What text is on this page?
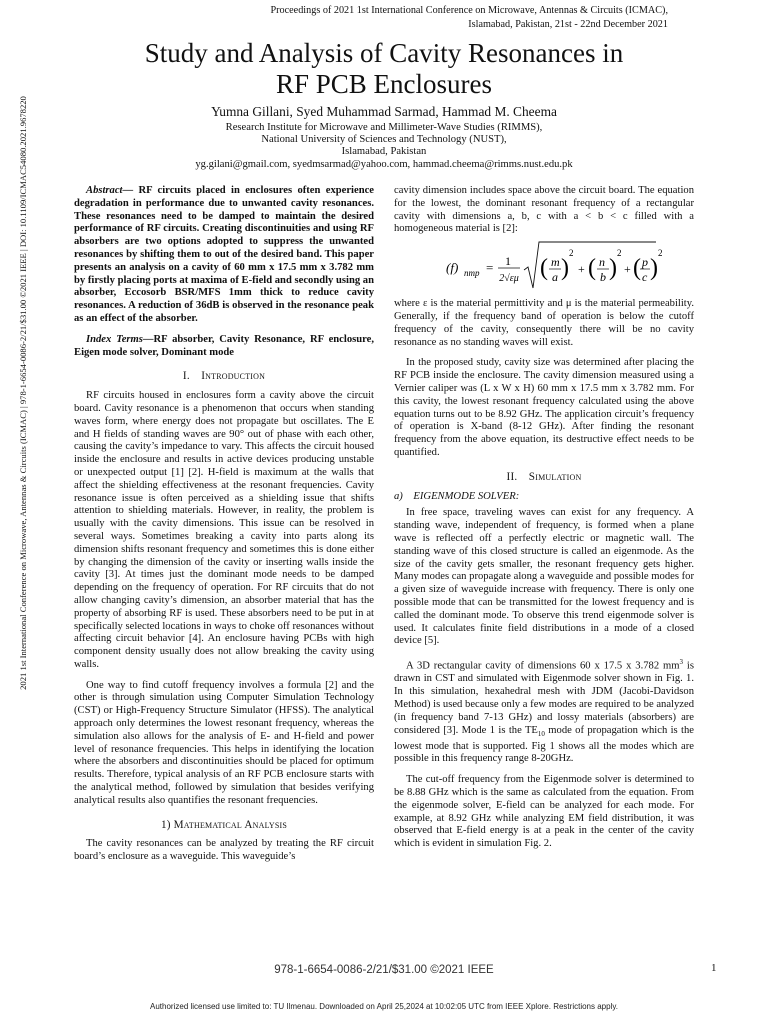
Proceedings of 2021 1st International Conference on Microwave, Antennas & Circuits (ICMAC),
Islamabad, Pakistan, 21st - 22nd December 2021
Study and Analysis of Cavity Resonances in
RF PCB Enclosures
Yumna Gillani, Syed Muhammad Sarmad, Hammad M. Cheema
Research Institute for Microwave and Millimeter-Wave Studies (RIMMS),
National University of Sciences and Technology (NUST),
Islamabad, Pakistan
yg.gilani@gmail.com, syedmsarmad@yahoo.com, hammad.cheema@rimms.nust.edu.pk
2021 1st International Conference on Microwave, Antennas & Circuits (ICMAC) | 978-1-6654-0086-2/21/$31.00 ©2021 IEEE | DOI: 10.1109/ICMAC54080.2021.9678220	Abstract— RF circuits placed in enclosures often experience degradation in performance due to unwanted cavity resonances. These resonances need to be damped to maintain the desired performance of RF circuits. Creating discontinuities and using RF absorbers are two options adopted to suppress the unwanted resonances by shifting them to out of the desired band. This paper presents an analysis on a cavity of 60 mm x 17.5 mm x 3.782 mm by firstly placing ports at maxima of E-field and secondly using an absorber, Eccosorb BSR/MFS 1mm thick to reduce cavity resonances. A reduction of 36dB is observed in the resonance peak as an effect of the absorber.

Index Terms—RF absorber, Cavity Resonance, RF enclosure, Eigen mode solver, Dominant mode

I. Introduction

RF circuits housed in enclosures form a cavity above the circuit board. Cavity resonance is a phenomenon that occurs when standing waves form, where energy does not propagate but oscillates. The E and H fields of standing waves are 90° out of phase with each other, causing the cavity’s impedance to vary. This affects the circuit housed inside the enclosure and results in active devices producing unstable or unexpected output [1] [2]. H-field is maximum at the walls that affect the shielding effectiveness at the resonant frequencies. Cavity resonance issue is often perceived as a shielding issue that shifts attention to shielding materials. However, in reality, the problem is usually with the cavity dimensions. This issue can be resolved in several ways. Sometimes breaking a cavity into parts along its dimension shifts resonant frequency and sometimes this is done either by changing the dimension of the cavity or inserting walls inside the cavity [3]. At times just the dominant mode needs to be damped depending on the frequency of operation. For RF circuits that do not allow changing cavity’s dimension, an absorber material that has the property of absorbing RF is used. These absorbers need to be put in at specifically selected locations in ways to choke off resonances without affecting circuit behavior [4]. An enclosure having PCBs with high component density usually does not allow breaking the cavity using walls.

One way to find cutoff frequency involves a formula [2] and the other is through simulation using Computer Simulation Technology (CST) or High-Frequency Structure Simulator (HFSS). The analytical approach only determines the lowest resonant frequency, whereas the simulation also allows for the analysis of E- and H-field and power level of resonance frequencies. This helps in identifying the location where the absorbers and discontinuities should be placed for optimum results. Therefore, typical analysis of an RF PCB enclosure starts with the analytical method, followed by simulation that besides verifying analytical results also quantifies the resonant frequencies.

1) Mathematical Analysis

The cavity resonances can be analyzed by treating the RF circuit board’s enclosure as a waveguide. This waveguide’s

cavity dimension includes space above the circuit board. The equation for the lowest, the dominant resonant frequency of a rectangular cavity with dimensions a, b, c with a < b < c filled with a homogeneous material is [2]:

(f) nmp = 1
2√εμ ( m
a )
2
+ ( n
b )
2
+ ( p
c )
2

where ε is the material permittivity and μ is the material permeability. Generally, if the frequency band of operation is below the cutoff frequency of the cavity, consequently there will be no cavity resonance as no standing waves will exist.

In the proposed study, cavity size was determined after placing the RF PCB inside the enclosure. The cavity dimension measured using a Vernier caliper was (L x W x H) 60 mm x 17.5 mm x 3.782 mm. For this cavity, the lowest resonant frequency calculated using the above equation turns out to be 8.92 GHz. The application circuit’s frequency of operation is X-band (8-12 GHz). After finding the resonant frequency from the above equation, its destructive effect needs to be quantified.

II. Simulation

a) EIGENMODE SOLVER:

In free space, traveling waves can exist for any frequency. A standing wave, independent of frequency, is formed when a plane wave is reflected off a perfectly electric or magnetic wall. The standing wave of this closed structure is called an eigenmode. As the size of the cavity gets smaller, the resonant frequency gets higher. Many modes can propagate along a waveguide and possible modes for a given size of waveguide increase with frequency. There is only one possible mode that can be transmitted for the lowest frequency and is called the dominant mode. To observe this trend eigenmode solver is used. It calculates finite field distributions in a mode of a closed device [5].

A 3D rectangular cavity of dimensions 60 x 17.5 x 3.782 $mm^3$ is drawn in CST and simulated with Eigenmode solver shown in Fig. 1. In this simulation, hexahedral mesh with JDM (Jacobi-Davidson Method) is used because only a few modes are required to be analyzed (in frequency band 7-13 GHz) and lossy materials (absorbers) are considered [3]. Mode 1 is the $TE_{10}$ mode of propagation which is the lowest mode that is supported. Fig 1 shows all the modes which are possible in this frequency range 8-20GHz.

The cut-off frequency from the Eigenmode solver is determined to be 8.88 GHz which is the same as calculated from the equation. From the eigenmode solver, E-field can be analyzed for each mode. For example, at 8.92 GHz while analyzing EM field distribution, it was observed that E-field energy is at a peak in the center of the cavity which is evident in simulation Fig. 2.

978-1-6654-0086-2/21/$31.00 ©2021 IEEE	1
Authorized licensed use limited to: TU Ilmenau. Downloaded on April 25,2024 at 10:02:05 UTC from IEEE Xplore. Restrictions apply.
